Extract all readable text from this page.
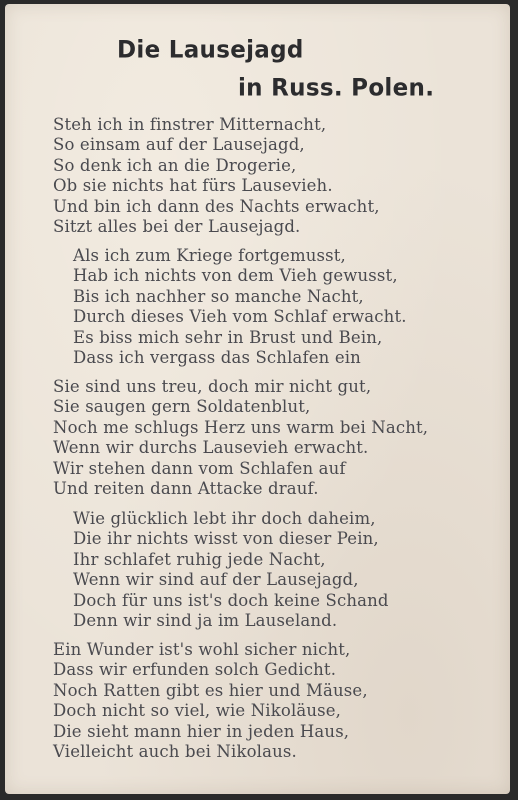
Die Lausejagd
in Russ. Polen.
Steh ich in finstrer Mitternacht,
So einsam auf der Lausejagd,
So denk ich an die Drogerie,
Ob sie nichts hat fürs Lausevieh.
Und bin ich dann des Nachts erwacht,
Sitzt alles bei der Lausejagd.
Als ich zum Kriege fortgemusst,
Hab ich nichts von dem Vieh gewusst,
Bis ich nachher so manche Nacht,
Durch dieses Vieh vom Schlaf erwacht.
Es biss mich sehr in Brust und Bein,
Dass ich vergass das Schlafen ein
Sie sind uns treu, doch mir nicht gut,
Sie saugen gern Soldatenblut,
Noch me schlugs Herz uns warm bei Nacht,
Wenn wir durchs Lausevieh erwacht.
Wir stehen dann vom Schlafen auf
Und reiten dann Attacke drauf.
Wie glücklich lebt ihr doch daheim,
Die ihr nichts wisst von dieser Pein,
Ihr schlafet ruhig jede Nacht,
Wenn wir sind auf der Lausejagd,
Doch für uns ist's doch keine Schand
Denn wir sind ja im Lauseland.
Ein Wunder ist's wohl sicher nicht,
Dass wir erfunden solch Gedicht.
Noch Ratten gibt es hier und Mäuse,
Doch nicht so viel, wie Nikoläuse,
Die sieht mann hier in jeden Haus,
Vielleicht auch bei Nikolaus.
